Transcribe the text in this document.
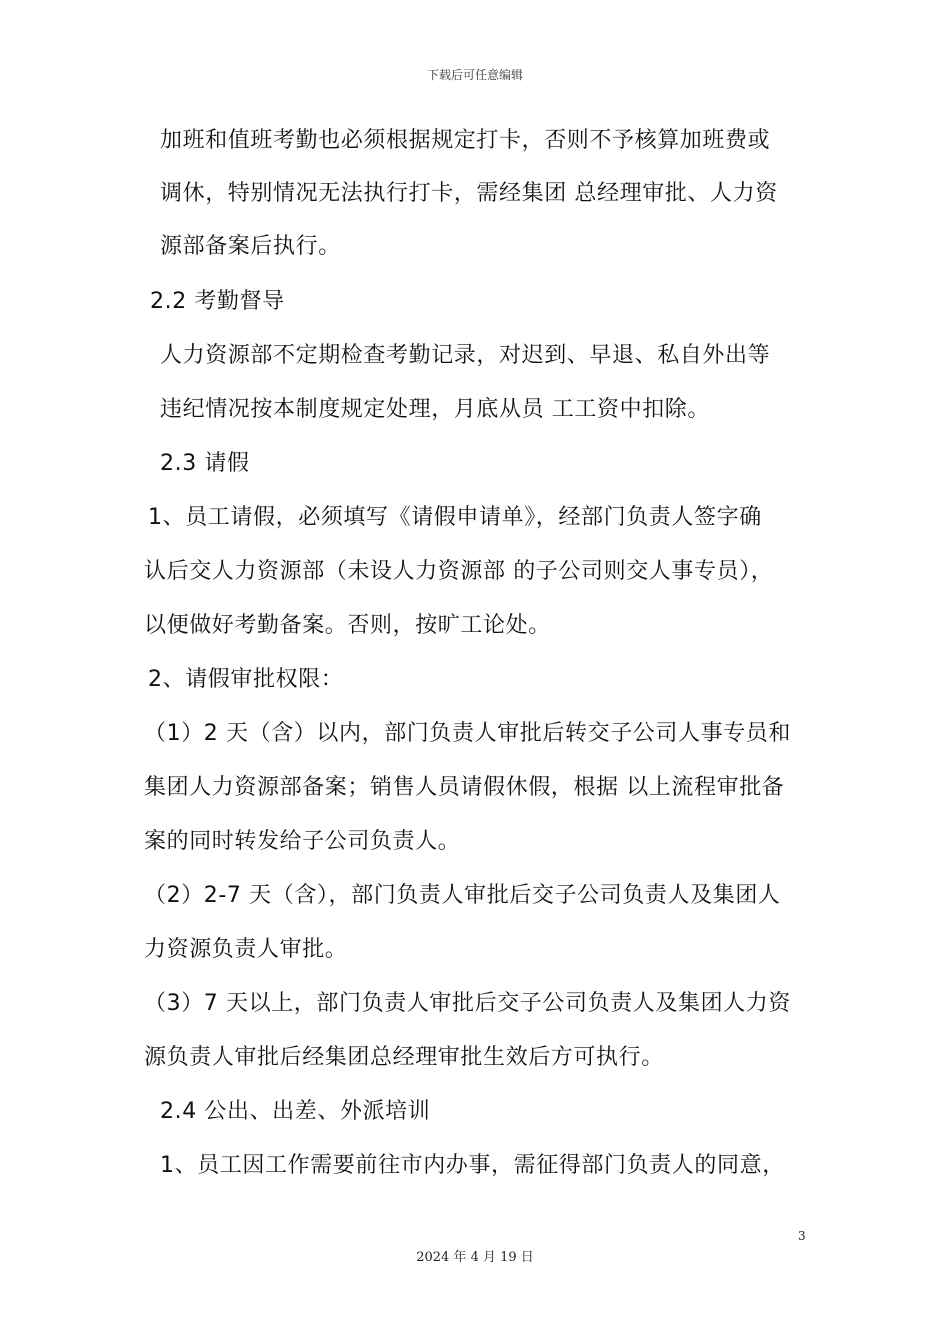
下载后可任意编辑
加班和值班考勤也必须根据规定打卡，否则不予核算加班费或
调休，特别情况无法执行打卡，需经集团 总经理审批、人力资
源部备案后执行。
2.2 考勤督导
人力资源部不定期检查考勤记录，对迟到、早退、私自外出等
违纪情况按本制度规定处理，月底从员 工工资中扣除。
2.3 请假
1、员工请假，必须填写《请假申请单》，经部门负责人签字确
认后交人力资源部（未设人力资源部 的子公司则交人事专员），
以便做好考勤备案。否则，按旷工论处。
2、请假审批权限：
（1）2 天（含）以内，部门负责人审批后转交子公司人事专员和
集团人力资源部备案；销售人员请假休假，根据 以上流程审批备
案的同时转发给子公司负责人。
（2）2-7 天（含），部门负责人审批后交子公司负责人及集团人
力资源负责人审批。
（3）7 天以上，部门负责人审批后交子公司负责人及集团人力资
源负责人审批后经集团总经理审批生效后方可执行。
2.4 公出、出差、外派培训
1、员工因工作需要前往市内办事，需征得部门负责人的同意，
3
2024 年 4 月 19 日
